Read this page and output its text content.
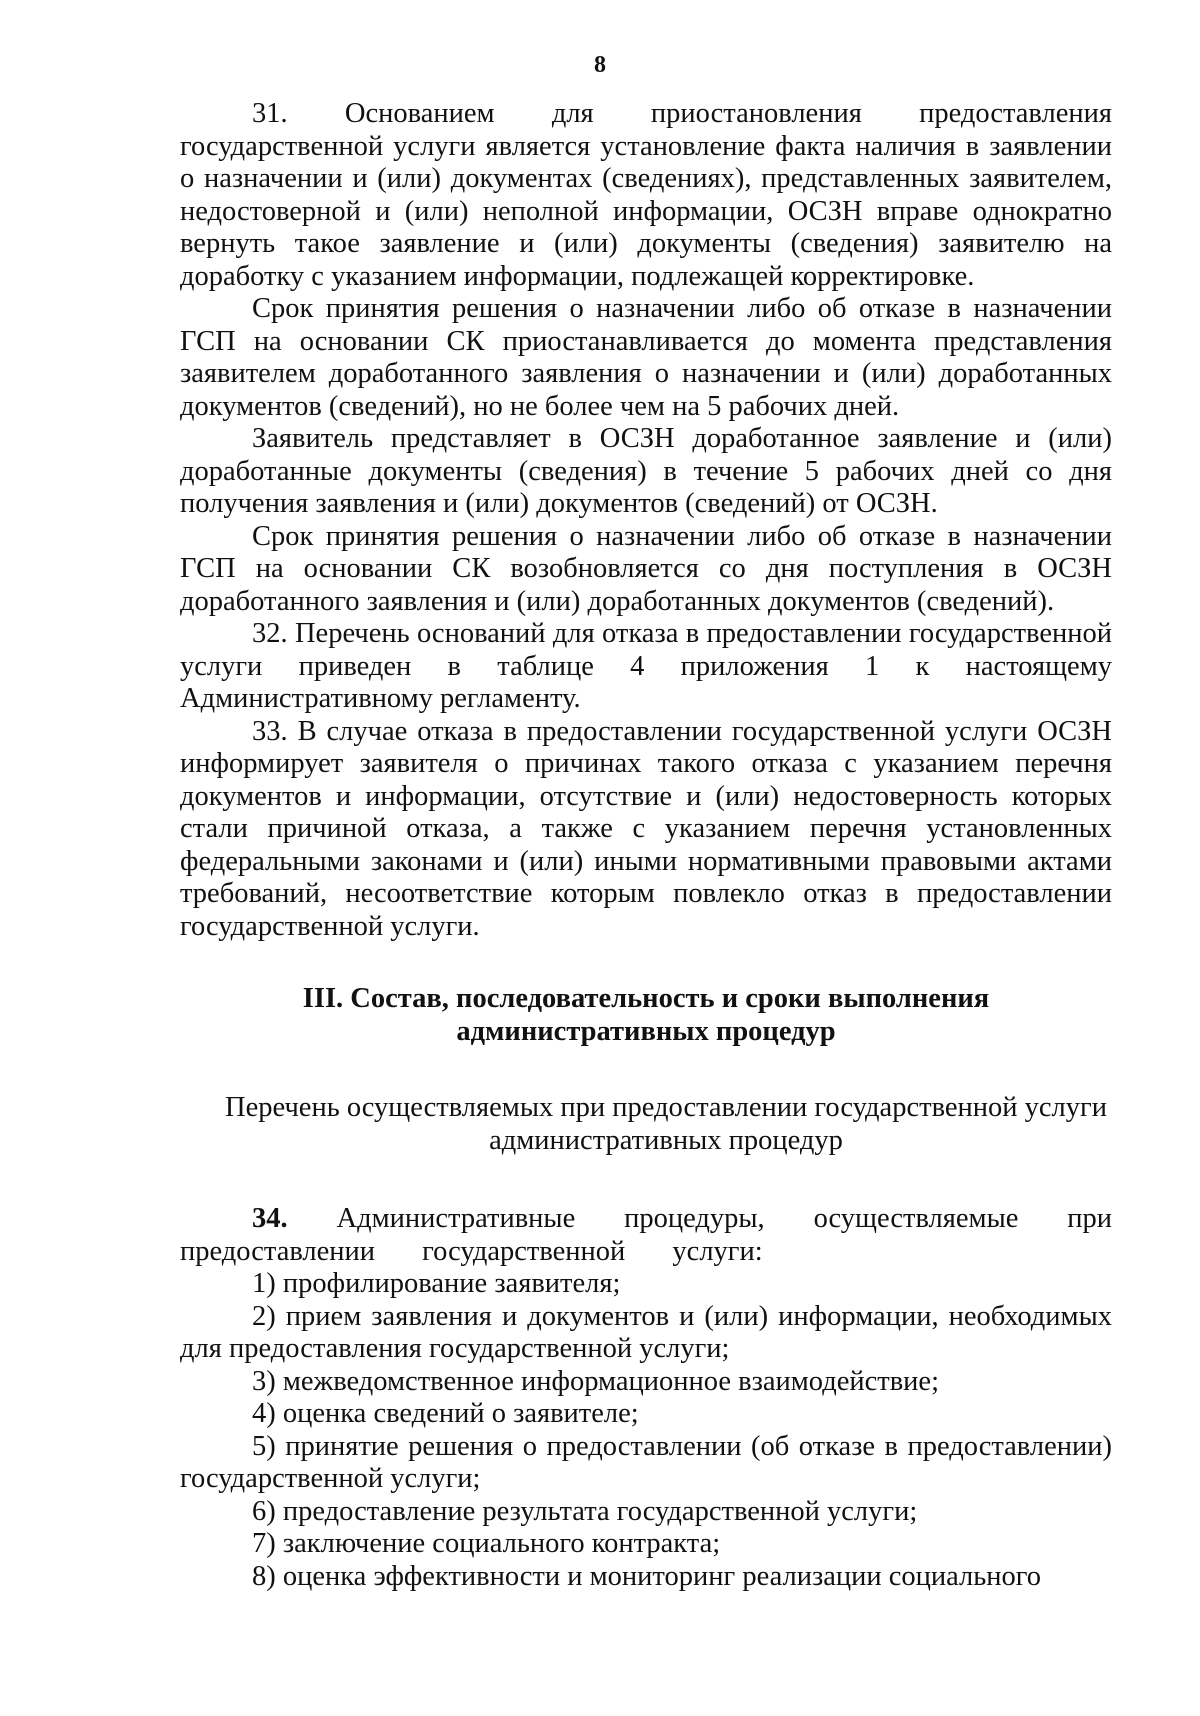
8

31. Основанием для приостановления предоставления государственной услуги является установление факта наличия в заявлении о назначении и (или) документах (сведениях), представленных заявителем, недостоверной и (или) неполной информации, ОСЗН вправе однократно вернуть такое заявление и (или) документы (сведения) заявителю на доработку с указанием информации, подлежащей корректировке.

Срок принятия решения о назначении либо об отказе в назначении ГСП на основании СК приостанавливается до момента представления заявителем доработанного заявления о назначении и (или) доработанных документов (сведений), но не более чем на 5 рабочих дней.

Заявитель представляет в ОСЗН доработанное заявление и (или) доработанные документы (сведения) в течение 5 рабочих дней со дня получения заявления и (или) документов (сведений) от ОСЗН.

Срок принятия решения о назначении либо об отказе в назначении ГСП на основании СК возобновляется со дня поступления в ОСЗН доработанного заявления и (или) доработанных документов (сведений).

32. Перечень оснований для отказа в предоставлении государственной услуги приведен в таблице 4 приложения 1 к настоящему Административному регламенту.

33. В случае отказа в предоставлении государственной услуги ОСЗН информирует заявителя о причинах такого отказа с указанием перечня документов и информации, отсутствие и (или) недостоверность которых стали причиной отказа, а также с указанием перечня установленных федеральными законами и (или) иными нормативными правовыми актами требований, несоответствие которым повлекло отказ в предоставлении государственной услуги.

III. Состав, последовательность и сроки выполнения административных процедур
Перечень осуществляемых при предоставлении государственной услуги административных процедур

34. Административные процедуры, осуществляемые при предоставлении государственной услуги:

1) профилирование заявителя;

2) прием заявления и документов и (или) информации, необходимых для предоставления государственной услуги;

3) межведомственное информационное взаимодействие;

4) оценка сведений о заявителе;

5) принятие решения о предоставлении (об отказе в предоставлении) государственной услуги;

6) предоставление результата государственной услуги;

7) заключение социального контракта;

8) оценка эффективности и мониторинг реализации социального
